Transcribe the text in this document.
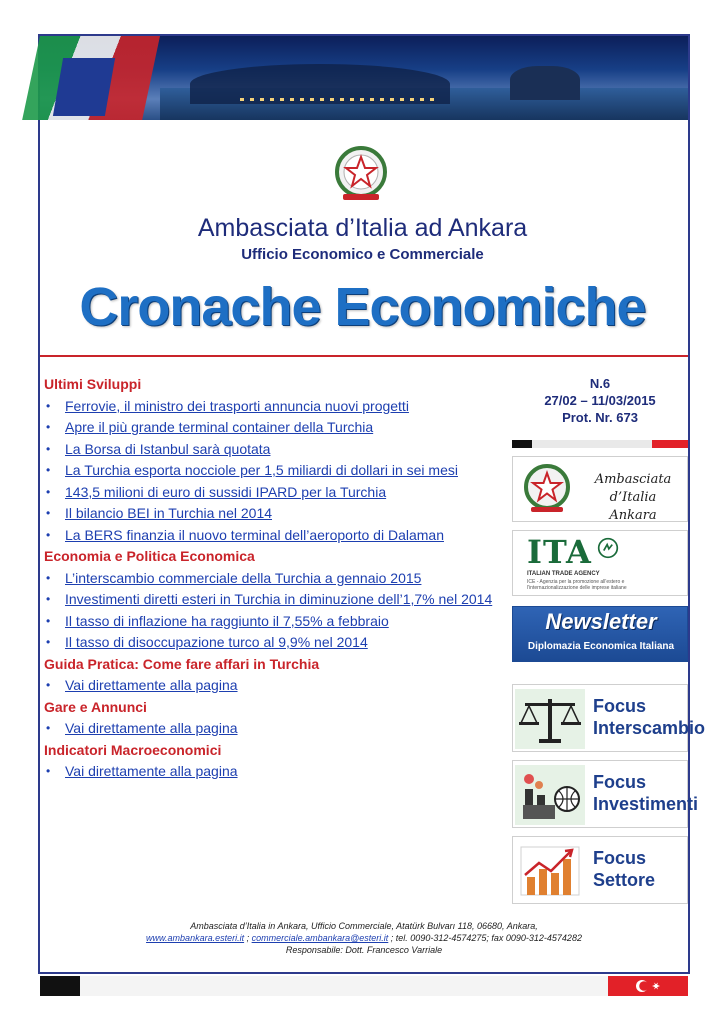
Ambasciata d’Italia ad Ankara
Ufficio Economico e Commerciale
Cronache Economiche
Ultimi Sviluppi
• Ferrovie, il ministro dei trasporti annuncia nuovi progetti
• Apre il più grande terminal container della Turchia
• La Borsa di Istanbul sarà quotata
• La Turchia esporta nocciole per 1,5 miliardi di dollari in sei mesi
• 143,5 milioni di euro di sussidi IPARD per la Turchia
• Il bilancio BEI in Turchia nel 2014
• La BERS finanzia il nuovo terminal dell’aeroporto di Dalaman
Economia e Politica Economica
• L’interscambio commerciale della Turchia a gennaio 2015
• Investimenti diretti esteri in Turchia in diminuzione dell’1,7% nel 2014
• Il tasso di inflazione ha raggiunto il 7,55% a febbraio
• Il tasso di disoccupazione turco al 9,9% nel 2014
Guida Pratica: Come fare affari in Turchia
• Vai direttamente alla pagina
Gare e Annunci
• Vai direttamente alla pagina
Indicatori Macroeconomici
• Vai direttamente alla pagina
N.6
27/02 – 11/03/2015
Prot. Nr. 673
Ambasciata d’Italia
Ankara
ITA
ITALIAN TRADE AGENCY
ICE - Agenzia per la promozione all'estero e l'internazionalizzazione delle imprese italiane
Newsletter
Diplomazia Economica Italiana
Focus
Interscambio
Focus
Investimenti
Focus
Settore
Ambasciata d’Italia in Ankara, Ufficio Commerciale, Atatürk Bulvarı 118, 06680, Ankara,
www.ambankara.esteri.it ; commerciale.ambankara@esteri.it ; tel. 0090-312-4574275; fax 0090-312-4574282
Responsabile: Dott. Francesco Varriale
